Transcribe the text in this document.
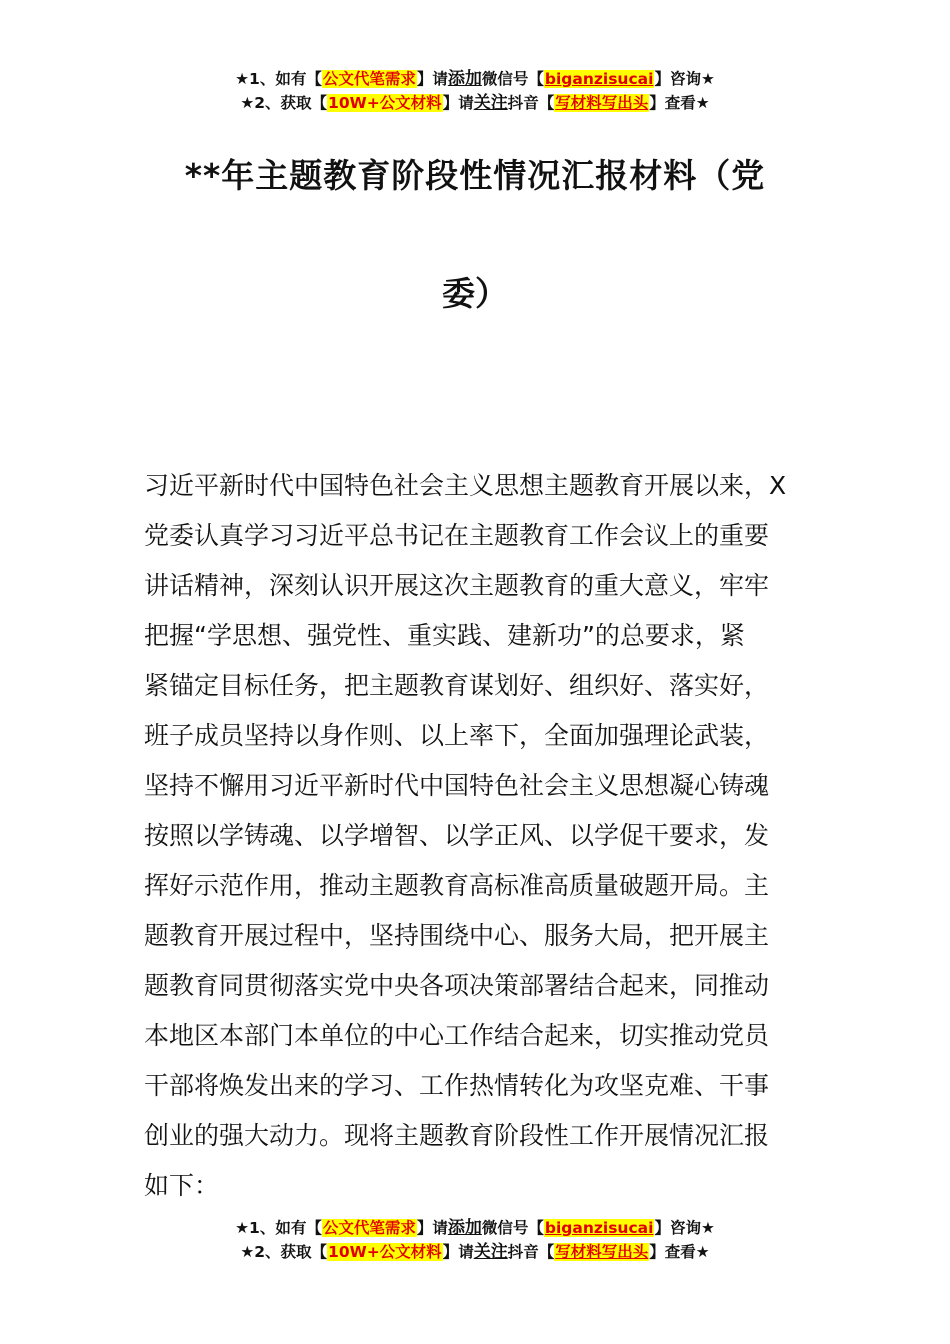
★1、如有【公文代笔需求】请添加微信号【biganzisucai】咨询★
★2、获取【10W+公文材料】请关注抖音【写材料写出头】查看★
**年主题教育阶段性情况汇报材料（党
委）
习近平新时代中国特色社会主义思想主题教育开展以来，X
党委认真学习习近平总书记在主题教育工作会议上的重要
讲话精神，深刻认识开展这次主题教育的重大意义，牢牢
把握“学思想、强党性、重实践、建新功”的总要求，紧
紧锚定目标任务，把主题教育谋划好、组织好、落实好，
班子成员坚持以身作则、以上率下，全面加强理论武装，
坚持不懈用习近平新时代中国特色社会主义思想凝心铸魂
按照以学铸魂、以学增智、以学正风、以学促干要求，发
挥好示范作用，推动主题教育高标准高质量破题开局。主
题教育开展过程中，坚持围绕中心、服务大局，把开展主
题教育同贯彻落实党中央各项决策部署结合起来，同推动
本地区本部门本单位的中心工作结合起来，切实推动党员
干部将焕发出来的学习、工作热情转化为攻坚克难、干事
创业的强大动力。现将主题教育阶段性工作开展情况汇报
如下：
★1、如有【公文代笔需求】请添加微信号【biganzisucai】咨询★
★2、获取【10W+公文材料】请关注抖音【写材料写出头】查看★
